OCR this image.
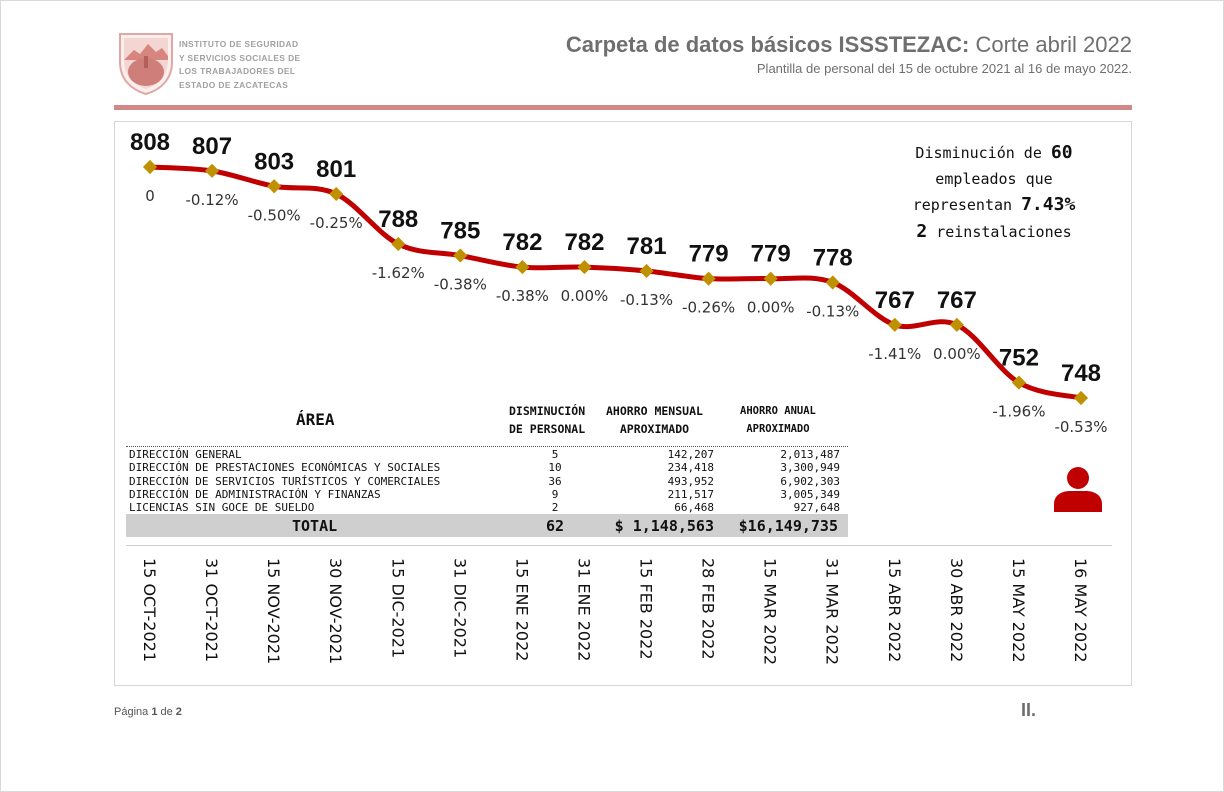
INSTITUTO DE SEGURIDAD
Y SERVICIOS SOCIALES DE
LOS TRABAJADORES DEL
ESTADO DE ZACATECAS
Carpeta de datos básicos ISSSTEZAC: Corte abril 2022
Plantilla de personal del 15 de octubre 2021 al 16 de mayo 2022.
15 OCT-2021	31 OCT-2021	15 NOV-2021	30 NOV-2021	15 DIC-2021	31 DIC-2021	15 ENE 2022	31 ENE 2022	15 FEB 2022	28 FEB 2022	15 MAR 2022	31 MAR 2022	15 ABR 2022	30 ABR 2022	15 MAY 2022	16 MAY 2022
808 807
803 801
788 785 782 782 781 779 779 778
767 767
752
748
0 -0.12%
-0.50% -0.25%
-1.62%
-0.38%
-0.38% 0.00% -0.13% -0.26% 0.00% -0.13%
-1.41% 0.00%
-1.96%
-0.53%
Disminución de 60
empleados que
representan 7.43%
2 reinstalaciones
ÁREA	DISMINUCIÓN
DE PERSONAL
AHORRO MENSUAL
APROXIMADO
AHORRO ANUAL
APROXIMADO
DIRECCIÓN GENERAL	5	142,207	2,013,487
DIRECCIÓN DE PRESTACIONES ECONÓMICAS Y SOCIALES	10	234,418	3,300,949
DIRECCIÓN DE SERVICIOS TURÍSTICOS Y COMERCIALES	36	493,952	6,902,303
DIRECCIÓN DE ADMINISTRACIÓN Y FINANZAS	9	211,517	3,005,349
LICENCIAS SIN GOCE DE SUELDO	2	66,468	927,648
TOTAL	62	$ 1,148,563 $16,149,735
Página 1 de 2	II.
